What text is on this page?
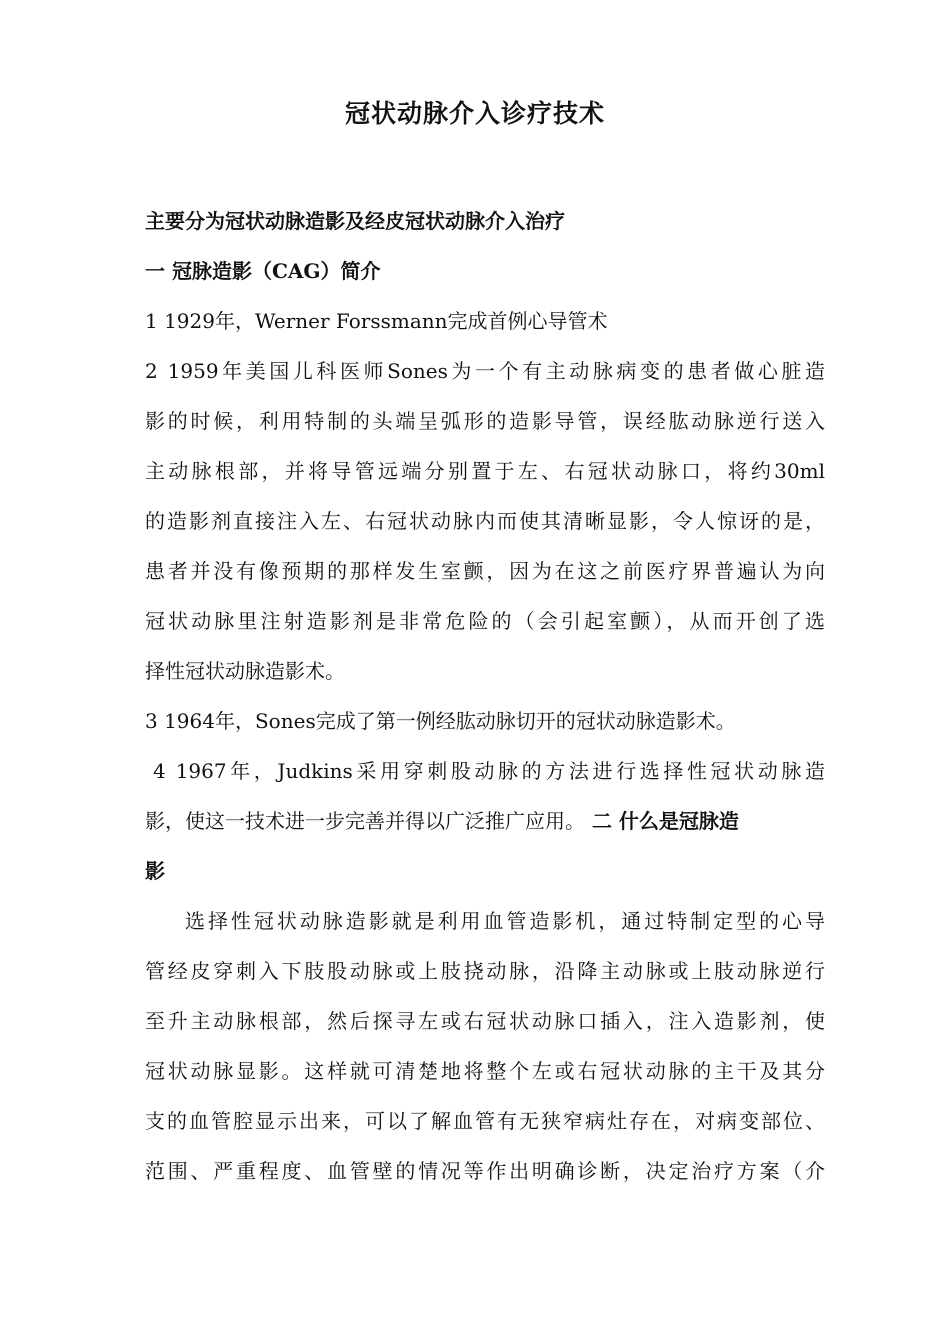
冠状动脉介入诊疗技术

主要分为冠状动脉造影及经皮冠状动脉介入治疗

一 冠脉造影（CAG）简介

1 1929年，Werner Forssmann完成首例心导管术

2 1959年美国儿科医师Sones为一个有主动脉病变的患者做心脏造

影的时候，利用特制的头端呈弧形的造影导管，误经肱动脉逆行送入

主动脉根部，并将导管远端分别置于左、右冠状动脉口，将约30ml

的造影剂直接注入左、右冠状动脉内而使其清晰显影，令人惊讶的是，

患者并没有像预期的那样发生室颤，因为在这之前医疗界普遍认为向

冠状动脉里注射造影剂是非常危险的（会引起室颤），从而开创了选

择性冠状动脉造影术。

3 1964年，Sones完成了第一例经肱动脉切开的冠状动脉造影术。

4 1967年，Judkins采用穿刺股动脉的方法进行选择性冠状动脉造

影，使这一技术进一步完善并得以广泛推广应用。 二 什么是冠脉造

影

选择性冠状动脉造影就是利用血管造影机，通过特制定型的心导

管经皮穿刺入下肢股动脉或上肢挠动脉，沿降主动脉或上肢动脉逆行

至升主动脉根部，然后探寻左或右冠状动脉口插入，注入造影剂，使

冠状动脉显影。这样就可清楚地将整个左或右冠状动脉的主干及其分

支的血管腔显示出来，可以了解血管有无狭窄病灶存在，对病变部位、

范围、严重程度、血管壁的情况等作出明确诊断，决定治疗方案（介
